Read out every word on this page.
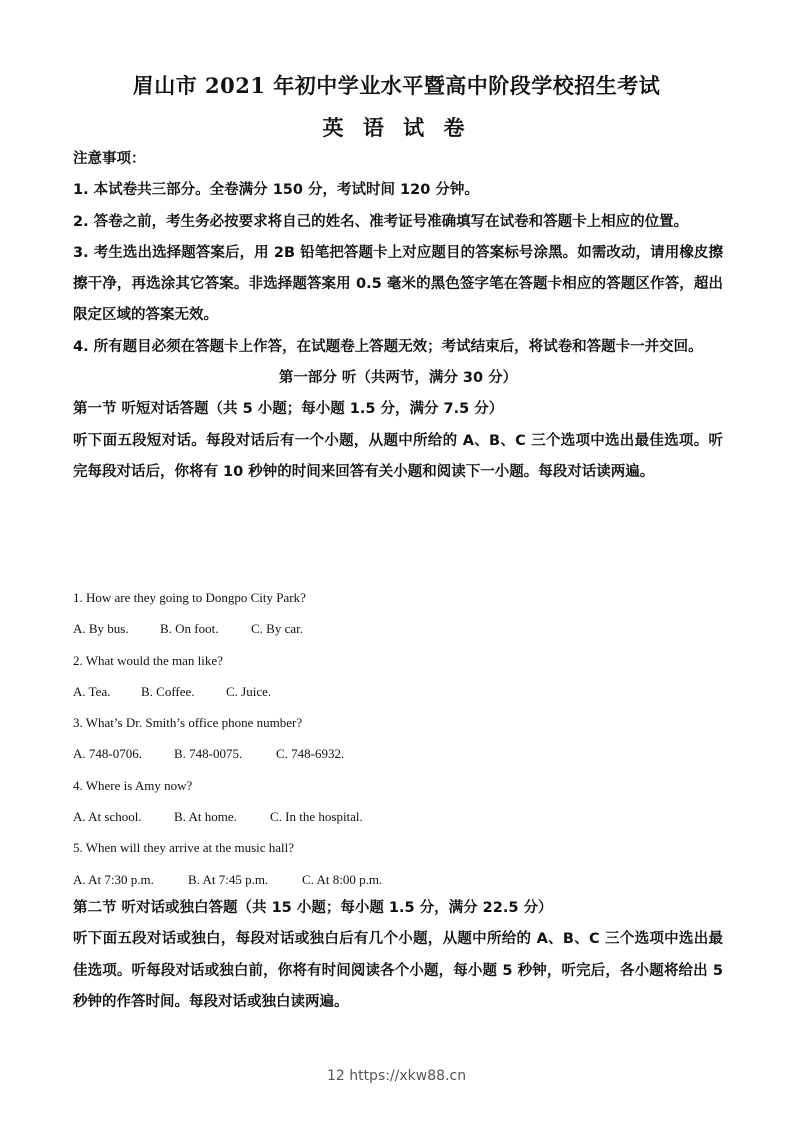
眉山市 2021 年初中学业水平暨高中阶段学校招生考试
英 语 试 卷

注意事项：

1. 本试卷共三部分。全卷满分 150 分，考试时间 120 分钟。

2. 答卷之前，考生务必按要求将自己的姓名、准考证号准确填写在试卷和答题卡上相应的位置。

3. 考生选出选择题答案后，用 2B 铅笔把答题卡上对应题目的答案标号涂黑。如需改动，请用橡皮擦擦干净，再选涂其它答案。非选择题答案用 0.5 毫米的黑色签字笔在答题卡相应的答题区作答，超出限定区域的答案无效。

4. 所有题目必须在答题卡上作答，在试题卷上答题无效；考试结束后，将试卷和答题卡一并交回。

第一部分 听（共两节，满分 30 分）

第一节 听短对话答题（共 5 小题；每小题 1.5 分，满分 7.5 分）

听下面五段短对话。每段对话后有一个小题，从题中所给的 A、B、C 三个选项中选出最佳选项。听完每段对话后，你将有 10 秒钟的时间来回答有关小题和阅读下一小题。每段对话读两遍。

1. How are they going to Dongpo City Park?
A. By bus. B. On foot.	C. By car.
2. What would the man like?
A. Tea. B. Coffee. C. Juice.
3. What’s Dr. Smith’s office phone number?
A. 748-0706. B. 748-0075.	C. 748-6932.
4. Where is Amy now?
A. At school. B. At home.	C. In the hospital.
5. When will they arrive at the music hall?
A. At 7:30 p.m.	B. At 7:45 p.m.	C. At 8:00 p.m.

第二节 听对话或独白答题（共 15 小题；每小题 1.5 分，满分 22.5 分）

听下面五段对话或独白，每段对话或独白后有几个小题，从题中所给的 A、B、C 三个选项中选出最佳选项。听每段对话或独白前，你将有时间阅读各个小题，每小题 5 秒钟，听完后，各小题将给出 5 秒钟的作答时间。每段对话或独白读两遍。

12 https://xkw88.cn
